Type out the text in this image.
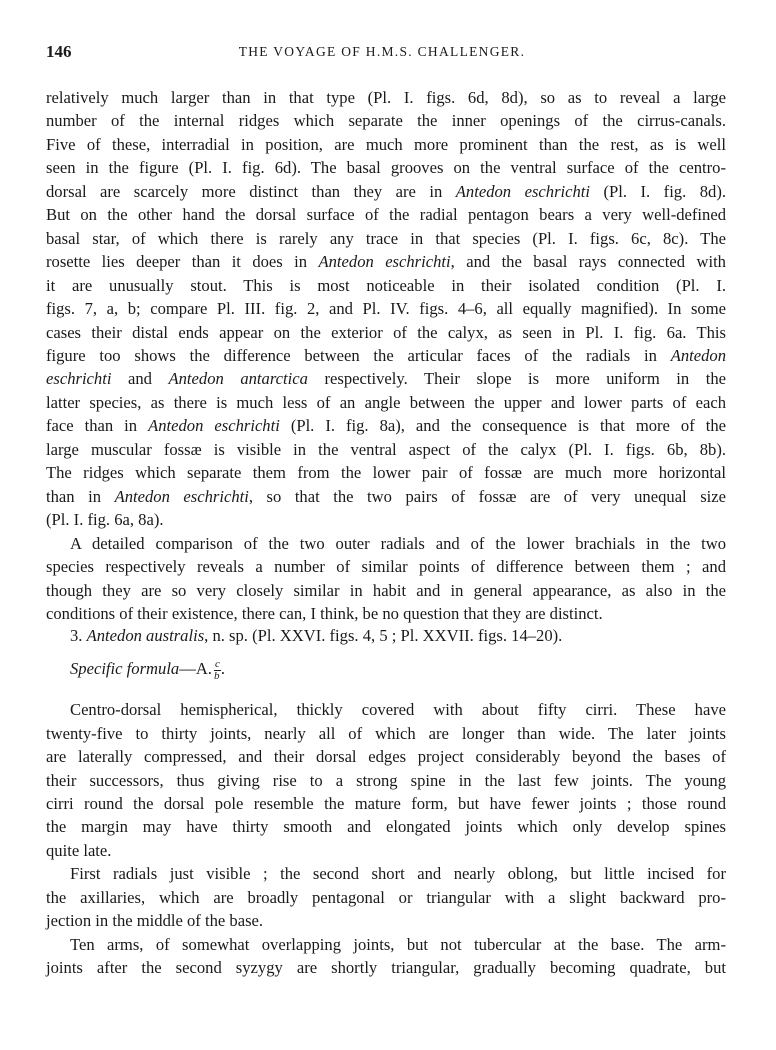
146	THE VOYAGE OF H.M.S. CHALLENGER.
relatively much larger than in that type (Pl. I. figs. 6d, 8d), so as to reveal a large
number of the internal ridges which separate the inner openings of the cirrus-canals.
Five of these, interradial in position, are much more prominent than the rest, as is well
seen in the figure (Pl. I. fig. 6d). The basal grooves on the ventral surface of the centro-
dorsal are scarcely more distinct than they are in Antedon eschrichti (Pl. I. fig. 8d).
But on the other hand the dorsal surface of the radial pentagon bears a very well-defined
basal star, of which there is rarely any trace in that species (Pl. I. figs. 6c, 8c). The
rosette lies deeper than it does in Antedon eschrichti, and the basal rays connected with
it are unusually stout. This is most noticeable in their isolated condition (Pl. I.
figs. 7, a, b; compare Pl. III. fig. 2, and Pl. IV. figs. 4–6, all equally magnified). In some
cases their distal ends appear on the exterior of the calyx, as seen in Pl. I. fig. 6a. This
figure too shows the difference between the articular faces of the radials in Antedon
eschrichti and Antedon antarctica respectively. Their slope is more uniform in the
latter species, as there is much less of an angle between the upper and lower parts of each
face than in Antedon eschrichti (Pl. I. fig. 8a), and the consequence is that more of the
large muscular fossæ is visible in the ventral aspect of the calyx (Pl. I. figs. 6b, 8b).
The ridges which separate them from the lower pair of fossæ are much more horizontal
than in Antedon eschrichti, so that the two pairs of fossæ are of very unequal size
(Pl. I. fig. 6a, 8a).
A detailed comparison of the two outer radials and of the lower brachials in the two
species respectively reveals a number of similar points of difference between them ; and
though they are so very closely similar in habit and in general appearance, as also in the
conditions of their existence, there can, I think, be no question that they are distinct.
3. Antedon australis, n. sp. (Pl. XXVI. figs. 4, 5 ; Pl. XXVII. figs. 14–20).
Specific formula—A. $\frac{c}{b}$ .
Centro-dorsal hemispherical, thickly covered with about fifty cirri. These have
twenty-five to thirty joints, nearly all of which are longer than wide. The later joints
are laterally compressed, and their dorsal edges project considerably beyond the bases of
their successors, thus giving rise to a strong spine in the last few joints. The young
cirri round the dorsal pole resemble the mature form, but have fewer joints ; those round
the margin may have thirty smooth and elongated joints which only develop spines
quite late.
First radials just visible ; the second short and nearly oblong, but little incised for
the axillaries, which are broadly pentagonal or triangular with a slight backward pro-
jection in the middle of the base.
Ten arms, of somewhat overlapping joints, but not tubercular at the base. The arm-
joints after the second syzygy are shortly triangular, gradually becoming quadrate, but
